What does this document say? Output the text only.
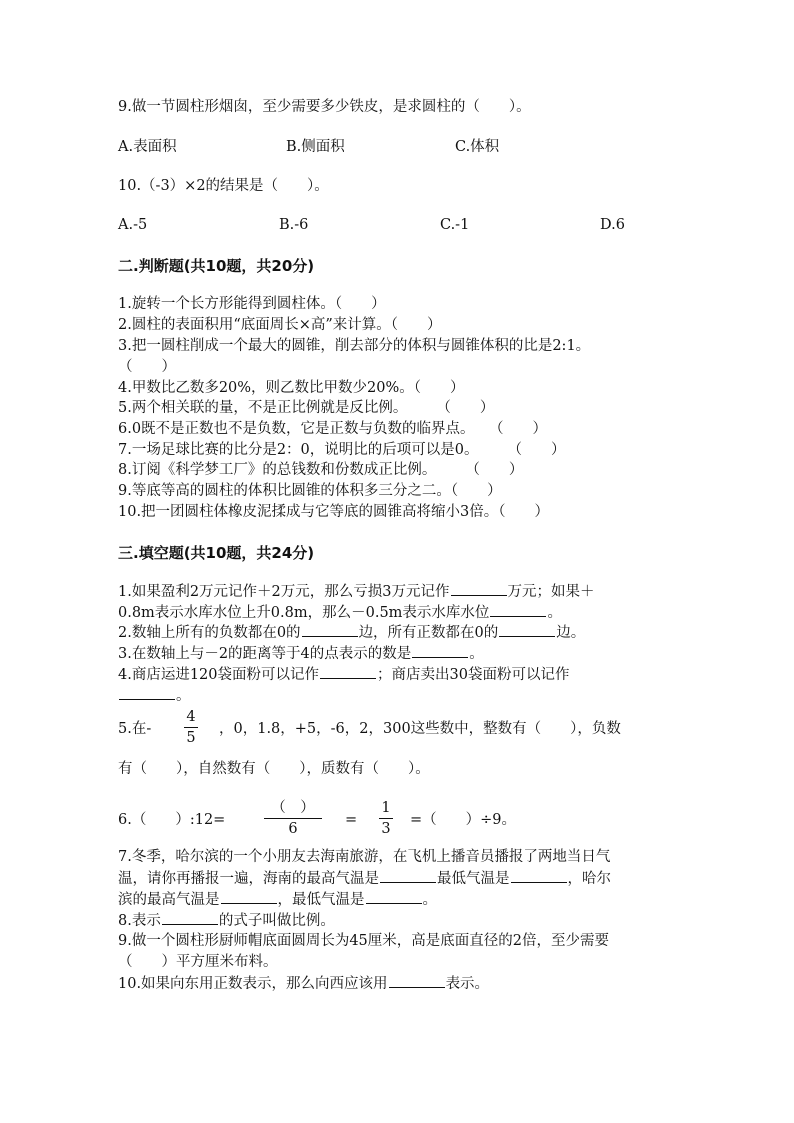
9.做一节圆柱形烟囱，至少需要多少铁皮，是求圆柱的（　　）。
A.表面积	B.侧面积	C.体积
10.（-3）×2的结果是（　　）。
A.-5	B.-6	C.-1	D.6
二.判断题(共10题，共20分)
1.旋转一个长方形能得到圆柱体。（　　）
2.圆柱的表面积用“底面周长×高”来计算。（　　）
3.把一圆柱削成一个最大的圆锥，削去部分的体积与圆锥体积的比是2:1。
（　　）
4.甲数比乙数多20%，则乙数比甲数少20%。（　　）
5.两个相关联的量，不是正比例就是反比例。　　　（　　）
6.0既不是正数也不是负数，它是正数与负数的临界点。　　（　　）
7.一场足球比赛的比分是2：0，说明比的后项可以是0。　　　（　　）
8.订阅《科学梦工厂》的总钱数和份数成正比例。　　　（　　）
9.等底等高的圆柱的体积比圆锥的体积多三分之二。（　　）
10.把一团圆柱体橡皮泥揉成与它等底的圆锥高将缩小3倍。（　　）
三.填空题(共10题，共24分)
1.如果盈利2万元记作＋2万元，那么亏损3万元记作	万元；如果＋
0.8m表示水库水位上升0.8m，那么－0.5m表示水库水位	。
2.数轴上所有的负数都在0的	边，所有正数都在0的	边。
3.在数轴上与－2的距离等于4的点表示的数是	。
4.商店运进120袋面粉可以记作	；商店卖出30袋面粉可以记作
。
5.在-
4
5
，0，1.8，+5，-6，2，300这些数中，整数有（　　），负数
有（　　），自然数有（　　），质数有（　　）。
6.（　　）:12=
（　）
6
=
1
3
=（　　）÷9。
7.冬季，哈尔滨的一个小朋友去海南旅游，在飞机上播音员播报了两地当日气
温，请你再播报一遍，海南的最高气温是	最低气温是	，哈尔
滨的最高气温是	，最低气温是	。
8.表示	的式子叫做比例。
9.做一个圆柱形厨师帽底面圆周长为45厘米，高是底面直径的2倍，至少需要
（　　）平方厘米布料。
10.如果向东用正数表示，那么向西应该用	表示。
